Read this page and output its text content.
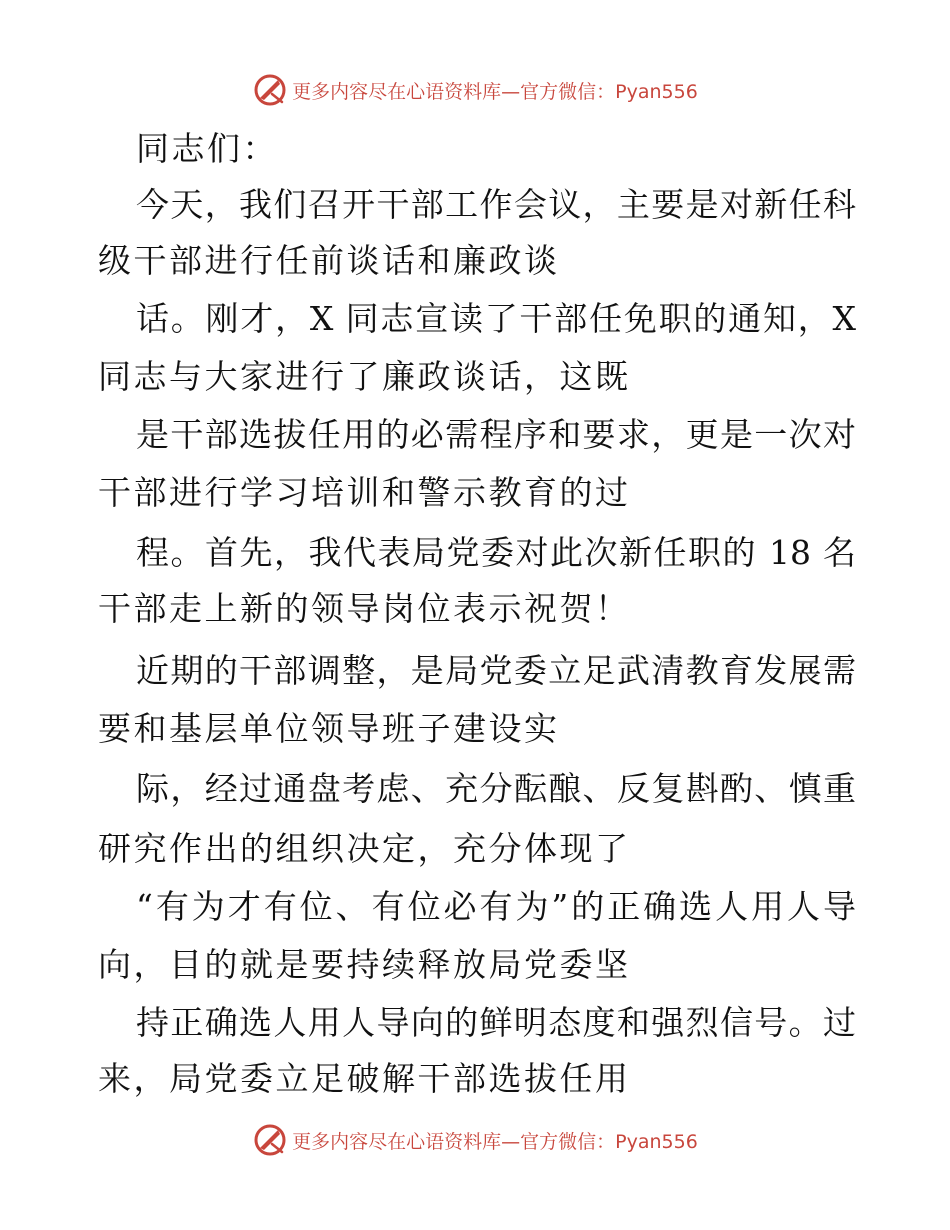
更多内容尽在心语资料库—官方微信：Pyan556
同志们：
今天，我们召开干部工作会议，主要是对新任科
级干部进行任前谈话和廉政谈
话。刚才，X 同志宣读了干部任免职的通知，X
同志与大家进行了廉政谈话，这既
是干部选拔任用的必需程序和要求，更是一次对
干部进行学习培训和警示教育的过
程。首先，我代表局党委对此次新任职的 18 名
干部走上新的领导岗位表示祝贺！
近期的干部调整，是局党委立足武清教育发展需
要和基层单位领导班子建设实
际，经过通盘考虑、充分酝酿、反复斟酌、慎重
研究作出的组织决定，充分体现了
“有为才有位、有位必有为”的正确选人用人导
向，目的就是要持续释放局党委坚
持正确选人用人导向的鲜明态度和强烈信号。过
来，局党委立足破解干部选拔任用
更多内容尽在心语资料库—官方微信：Pyan556
